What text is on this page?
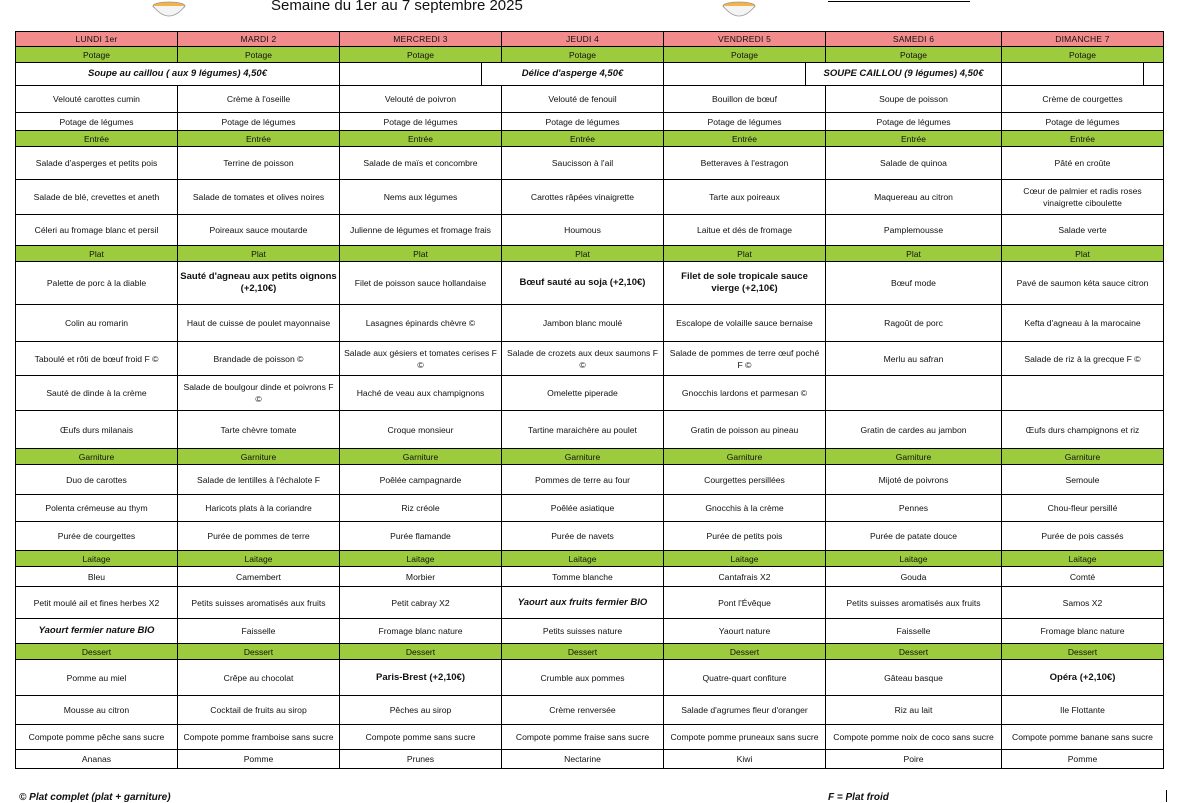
Semaine du 1er au 7 septembre 2025
LUNDI 1er	MARDI 2	MERCREDI 3		JEUDI 4	VENDREDI 5		SAMEDI 6	DIMANCHE 7	
Potage	Potage	Potage		Potage	Potage		Potage	Potage	
Soupe au caillou ( aux 9 légumes) 4,50€			Délice d'asperge 4,50€			SOUPE CAILLOU (9 légumes) 4,50€			
Velouté carottes cumin	Crème à l'oseille	Velouté de poivron		Velouté de fenouil	Bouillon de bœuf		Soupe de poisson	Crème de courgettes	
Potage de légumes	Potage de légumes	Potage de légumes		Potage de légumes	Potage de légumes		Potage de légumes	Potage de légumes	
Entrée	Entrée	Entrée		Entrée	Entrée		Entrée	Entrée	
Salade d'asperges et petits pois	Terrine de poisson	Salade de maïs et concombre		Saucisson à l'ail	Betteraves à l'estragon		Salade de quinoa	Pâté en croûte	
Salade de blé, crevettes et aneth	Salade de tomates et olives noires	Nems aux légumes		Carottes râpées vinaigrette	Tarte aux poireaux		Maquereau au citron	Cœur de palmier et radis roses vinaigrette ciboulette	
Céleri au fromage blanc et persil	Poireaux sauce moutarde	Julienne de légumes et fromage frais		Houmous	Laitue et dés de fromage		Pamplemousse	Salade verte	
Plat	Plat	Plat		Plat	Plat		Plat	Plat	
Palette de porc à la diable	Sauté d'agneau aux petits oignons (+2,10€)	Filet de poisson sauce hollandaise		Bœuf sauté au soja (+2,10€)	Filet de sole tropicale sauce vierge (+2,10€)		Bœuf mode	Pavé de saumon kéta sauce citron	
Colin au romarin	Haut de cuisse de poulet mayonnaise	Lasagnes épinards chèvre ©		Jambon blanc moulé	Escalope de volaille sauce bernaise		Ragoût de porc	Kefta d'agneau à la marocaine	
Taboulé et rôti de bœuf froid F ©	Brandade de poisson ©	Salade aux gésiers et tomates cerises F ©		Salade de crozets aux deux saumons F ©	Salade de pommes de terre œuf poché F ©		Merlu au safran	Salade de riz à la grecque F ©	
Sauté de dinde à la crème	Salade de boulgour dinde et poivrons F ©	Haché de veau aux champignons		Omelette piperade	Gnocchis lardons et parmesan ©				
Œufs durs milanais	Tarte chèvre tomate	Croque monsieur		Tartine maraichère au poulet	Gratin de poisson au pineau		Gratin de cardes au jambon	Œufs durs champignons et riz	
Garniture	Garniture	Garniture		Garniture	Garniture		Garniture	Garniture	
Duo de carottes	Salade de lentilles à l'échalote F	Poêlée campagnarde		Pommes de terre au four	Courgettes persillées		Mijoté de poivrons	Semoule	
Polenta crémeuse au thym	Haricots plats à la coriandre	Riz créole		Poêlée asiatique	Gnocchis à la crème		Pennes	Chou-fleur persillé	
Purée de courgettes	Purée de pommes de terre	Purée flamande		Purée de navets	Purée de petits pois		Purée de patate douce	Purée de pois cassés	
Laitage	Laitage	Laitage		Laitage	Laitage		Laitage	Laitage	
Bleu	Camembert	Morbier		Tomme blanche	Cantafrais X2		Gouda	Comté	
Petit moulé ail et fines herbes X2	Petits suisses aromatisés aux fruits	Petit cabray X2		Yaourt aux fruits fermier BIO	Pont l'Évêque		Petits suisses aromatisés aux fruits	Samos X2	
Yaourt fermier nature BIO	Faisselle	Fromage blanc nature		Petits suisses nature	Yaourt nature		Faisselle	Fromage blanc nature	
Dessert	Dessert	Dessert		Dessert	Dessert		Dessert	Dessert	
Pomme au miel	Crêpe au chocolat	Paris-Brest (+2,10€)		Crumble aux pommes	Quatre-quart confiture		Gâteau basque	Opéra (+2,10€)	
Mousse au citron	Cocktail de fruits au sirop	Pêches au sirop		Crème renversée	Salade d'agrumes fleur d'oranger		Riz au lait	Ile Flottante	
Compote pomme pêche sans sucre	Compote pomme framboise sans sucre	Compote pomme sans sucre		Compote pomme fraise sans sucre	Compote pomme pruneaux sans sucre		Compote pomme noix de coco sans sucre	Compote pomme banane sans sucre	
Ananas	Pomme	Prunes		Nectarine	Kiwi		Poire	Pomme	
© Plat complet (plat + garniture)	F = Plat froid
